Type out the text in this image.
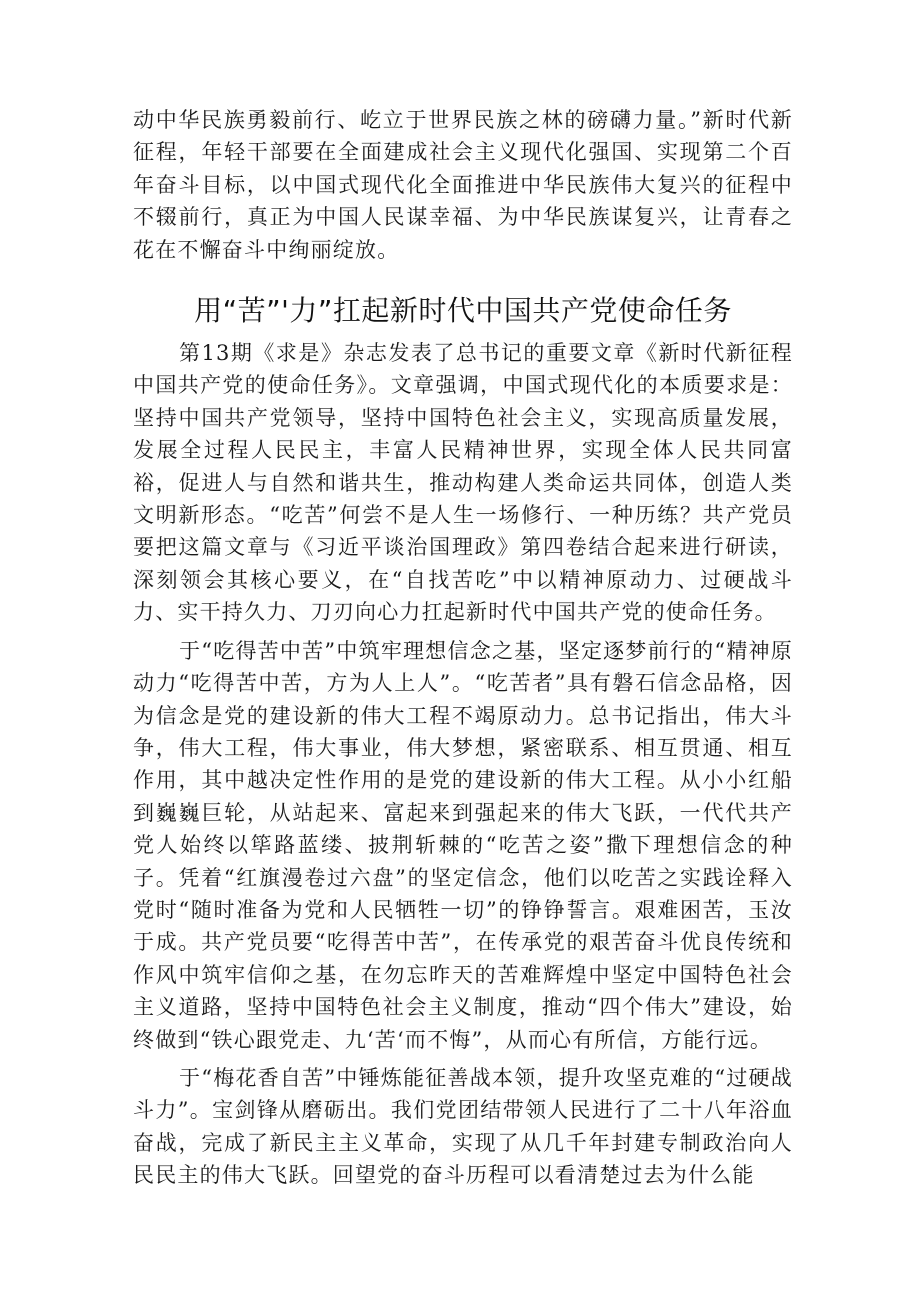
动中华民族勇毅前行、屹立于世界民族之林的磅礴力量。”新时代新征程，年轻干部要在全面建成社会主义现代化强国、实现第二个百年奋斗目标，以中国式现代化全面推进中华民族伟大复兴的征程中不辍前行，真正为中国人民谋幸福、为中华民族谋复兴，让青春之花在不懈奋斗中绚丽绽放。

用“苦”'力”扛起新时代中国共产党使命任务

第13期《求是》杂志发表了总书记的重要文章《新时代新征程中国共产党的使命任务》。文章强调，中国式现代化的本质要求是：坚持中国共产党领导，坚持中国特色社会主义，实现高质量发展，发展全过程人民民主，丰富人民精神世界，实现全体人民共同富裕，促进人与自然和谐共生，推动构建人类命运共同体，创造人类文明新形态。“吃苦”何尝不是人生一场修行、一种历练？共产党员要把这篇文章与《习近平谈治国理政》第四卷结合起来进行研读，深刻领会其核心要义，在“自找苦吃”中以精神原动力、过硬战斗力、实干持久力、刀刃向心力扛起新时代中国共产党的使命任务。

于“吃得苦中苦”中筑牢理想信念之基，坚定逐梦前行的“精神原动力“吃得苦中苦，方为人上人”。“吃苦者”具有磐石信念品格，因为信念是党的建设新的伟大工程不竭原动力。总书记指出，伟大斗争，伟大工程，伟大事业，伟大梦想，紧密联系、相互贯通、相互作用，其中越决定性作用的是党的建设新的伟大工程。从小小红船到巍巍巨轮，从站起来、富起来到强起来的伟大飞跃，一代代共产党人始终以筚路蓝缕、披荆斩棘的“吃苦之姿”撒下理想信念的种子。凭着“红旗漫卷过六盘”的坚定信念，他们以吃苦之实践诠释入党时“随时准备为党和人民牺牲一切”的铮铮誓言。艰难困苦，玉汝于成。共产党员要“吃得苦中苦”，在传承党的艰苦奋斗优良传统和作风中筑牢信仰之基，在勿忘昨天的苦难辉煌中坚定中国特色社会主义道路，坚持中国特色社会主义制度，推动“四个伟大”建设，始终做到“铁心跟党走、九‘苦‘而不悔”，从而心有所信，方能行远。

于“梅花香自苦”中锤炼能征善战本领，提升攻坚克难的“过硬战斗力”。宝剑锋从磨砺出。我们党团结带领人民进行了二十八年浴血奋战，完成了新民主主义革命，实现了从几千年封建专制政治向人民民主的伟大飞跃。回望党的奋斗历程可以看清楚过去为什么能
